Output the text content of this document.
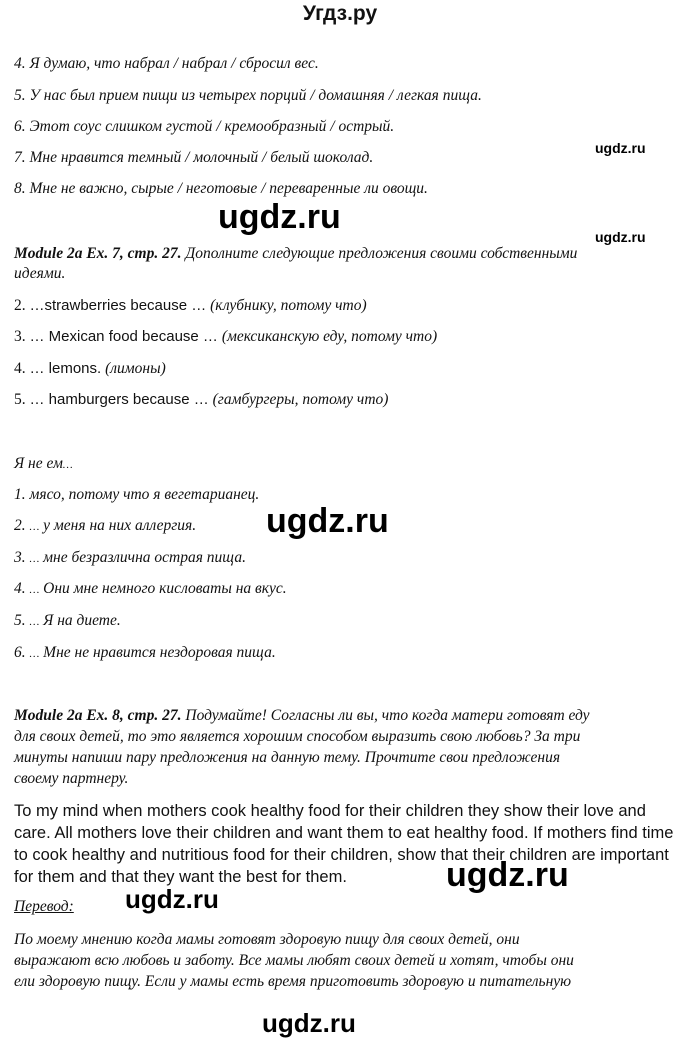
Угдз.ру
4. Я думаю, что набрал / набрал / сбросил вес.
5. У нас был прием пищи из четырех порций / домашняя / легкая пища.
6. Этот соус слишком густой / кремообразный / острый.
ugdz.ru
7. Мне нравится темный / молочный / белый шоколад.
8. Мне не важно, сырые / неготовые / переваренные ли овощи.
ugdz.ru
ugdz.ru
Module 2a Ex. 7, стр. 27. Дополните следующие предложения своими собственными
идеями.
2. …strawberries because … (клубнику, потому что)
3. … Mexican food because … (мексиканскую еду, потому что)
4. … lemons. (лимоны)
5. … hamburgers because … (гамбургеры, потому что)
Я не ем…
1. мясо, потому что я вегетарианец.
ugdz.ru
2. … у меня на них аллергия.
3. … мне безразлична острая пища.
4. … Они мне немного кисловаты на вкус.
5. … Я на диете.
6. … Мне не нравится нездоровая пища.
Module 2a Ex. 8, стр. 27. Подумайте! Согласны ли вы, что когда матери готовят еду
для своих детей, то это является хорошим способом выразить свою любовь? За три
минуты напиши пару предложения на данную тему. Прочтите свои предложения
своему партнеру.
To my mind when mothers cook healthy food for their children they show their love and
care. All mothers love their children and want them to eat healthy food. If mothers find time
to cook healthy and nutritious food for their children, show that their children are important
for them and that they want the best for them.	ugdz.ru
Перевод: ugdz.ru
По моему мнению когда мамы готовят здоровую пищу для своих детей, они
выражают всю любовь и заботу. Все мамы любят своих детей и хотят, чтобы они
ели здоровую пищу. Если у мамы есть время приготовить здоровую и питательную
ugdz.ru
